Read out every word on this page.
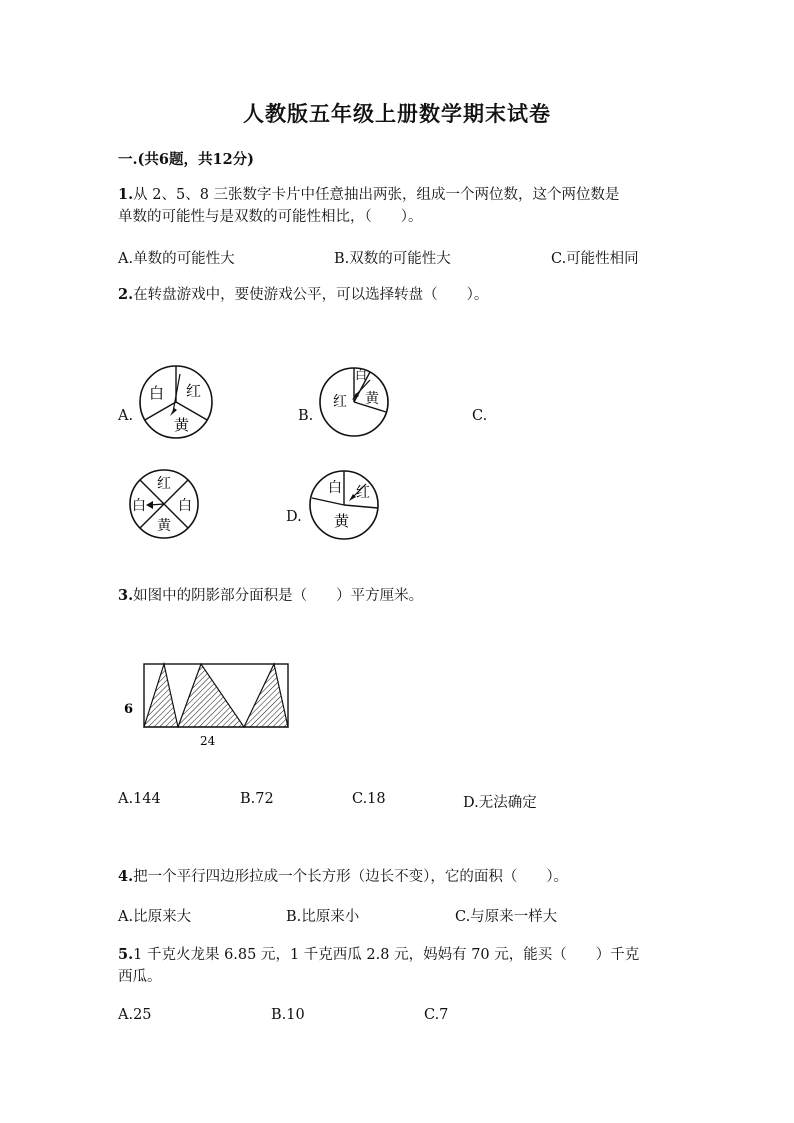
人教版五年级上册数学期末试卷
一.(共6题，共12分)
1.从 2、5、8 三张数字卡片中任意抽出两张，组成一个两位数，这个两位数是
单数的可能性与是双数的可能性相比，（　　）。
A.单数的可能性大	B.双数的可能性大	C.可能性相同
2.在转盘游戏中，要使游戏公平，可以选择转盘（　　）。
A.	B.	C.
D.
白 红
黄
白
红 黄
红
白 白
黄
白 红
黄
3.如图中的阴影部分面积是（　　）平方厘米。
6
24
A.144	B.72	C.18	D.无法确定
4.把一个平行四边形拉成一个长方形（边长不变），它的面积（　　）。
A.比原来大	B.比原来小	C.与原来一样大
5.1 千克火龙果 6.85 元，1 千克西瓜 2.8 元，妈妈有 70 元，能买（　　）千克
西瓜。
A.25	B.10	C.7
